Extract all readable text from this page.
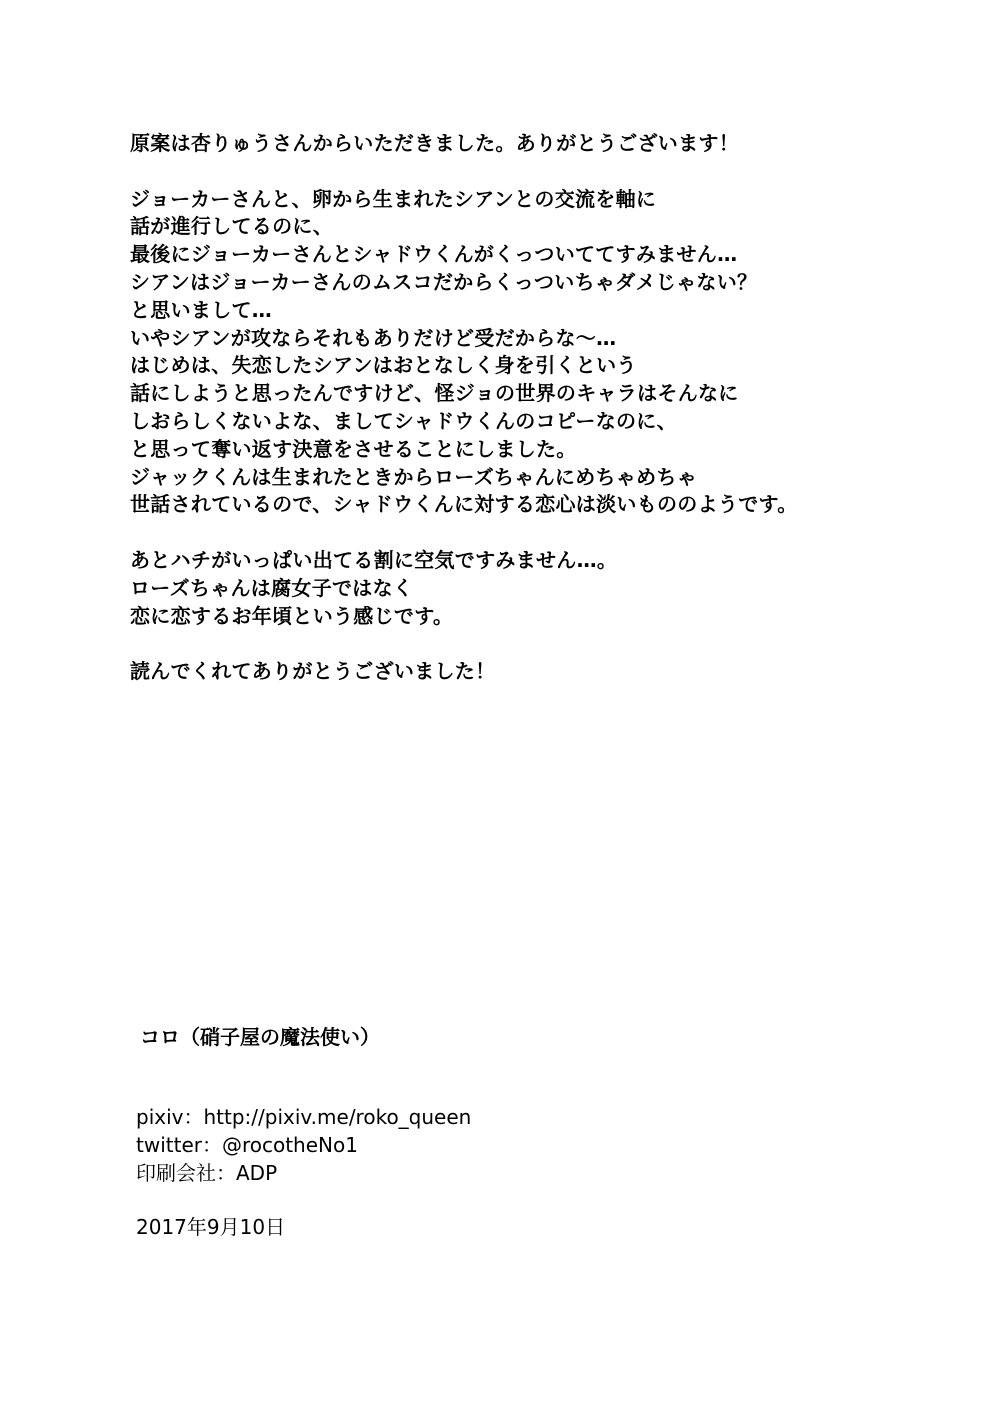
原案は杏りゅうさんからいただきました。ありがとうございます！
ジョーカーさんと、卵から生まれたシアンとの交流を軸に
話が進行してるのに、
最後にジョーカーさんとシャドウくんがくっついててすみません…
シアンはジョーカーさんのムスコだからくっついちゃダメじゃない？
と思いまして…
いやシアンが攻ならそれもありだけど受だからな～…
はじめは、失恋したシアンはおとなしく身を引くという
話にしようと思ったんですけど、怪ジョの世界のキャラはそんなに
しおらしくないよな、ましてシャドウくんのコピーなのに、
と思って奪い返す決意をさせることにしました。
ジャックくんは生まれたときからローズちゃんにめちゃめちゃ
世話されているので、シャドウくんに対する恋心は淡いもののようです。
あとハチがいっぱい出てる割に空気ですみません…。
ローズちゃんは腐女子ではなく
恋に恋するお年頃という感じです。
読んでくれてありがとうございました！

コロ（硝子屋の魔法使い）

pixiv：http://pixiv.me/roko_queen
twitter：@rocotheNo1
印刷会社：ADP
2017年9月10日
